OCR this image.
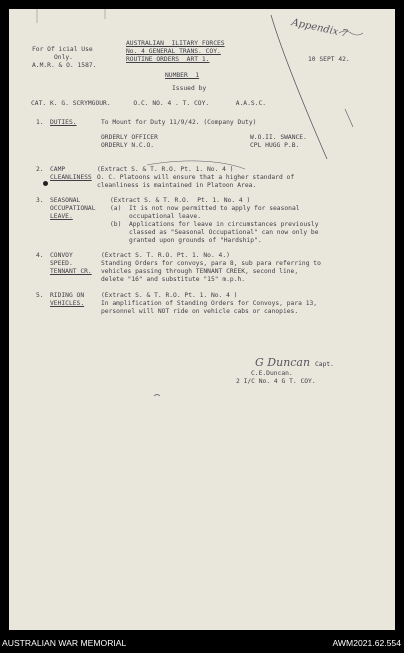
For Of icial Use
Only.
A.M.R. & O. 1587.
AUSTRALIAN  ILITARY FORCES
No. 4 GENERAL TRANS. COY.
ROUTINE ORDERS  ART 1.	10 SEPT 42.
Appendix 7
NUMBER  1
Issued by
CAT. K. G. SCRYMGOUR.      O.C. NO. 4 . T. COY.       A.A.S.C.
1. DUTIES.	To Mount for Duty 11/9/42. (Company Duty)
ORDERLY OFFICER	W.O.II. SWANCE.
ORDERLY N.C.O.	CPL HUGG P.B.
2. CAMP
CLEANLINESS
(Extract S. & T. R.O. Pt. 1. No. 4 )
O. C. Platoons will ensure that a higher standard of
cleanliness is maintained in Platoon Area.
3. SEASONAL
OCCUPATIONAL
LEAVE.
(Extract S. & T. R.O.  Pt. 1. No. 4 )
(a)  It is not now permitted to apply for seasonal
occupational leave.
(b)  Applications for leave in circumstances previously
classed as "Seasonal Occupational" can now only be
granted upon grounds of "Hardship".
4. CONVOY
SPEED.
TENNANT CR.
(Extract S. T. R.O. Pt. 1. No. 4.)
Standing Orders for convoys, para 8, sub para referring to
vehicles passing through TENNANT CREEK, second line,
delete "16" and substitute "15" m.p.h.
5. RIDING ON
VEHICLES.
(Extract S. & T. R.O. Pt. 1. No. 4 )
In amplification of Standing Orders for Convoys, para 13,
personnel will NOT ride on vehicle cabs or canopies.
G Duncan Capt.
C.E.Duncan.
2 I/C No. 4 G T. COY.
AUSTRALIAN WAR MEMORIAL	AWM2021.62.554
